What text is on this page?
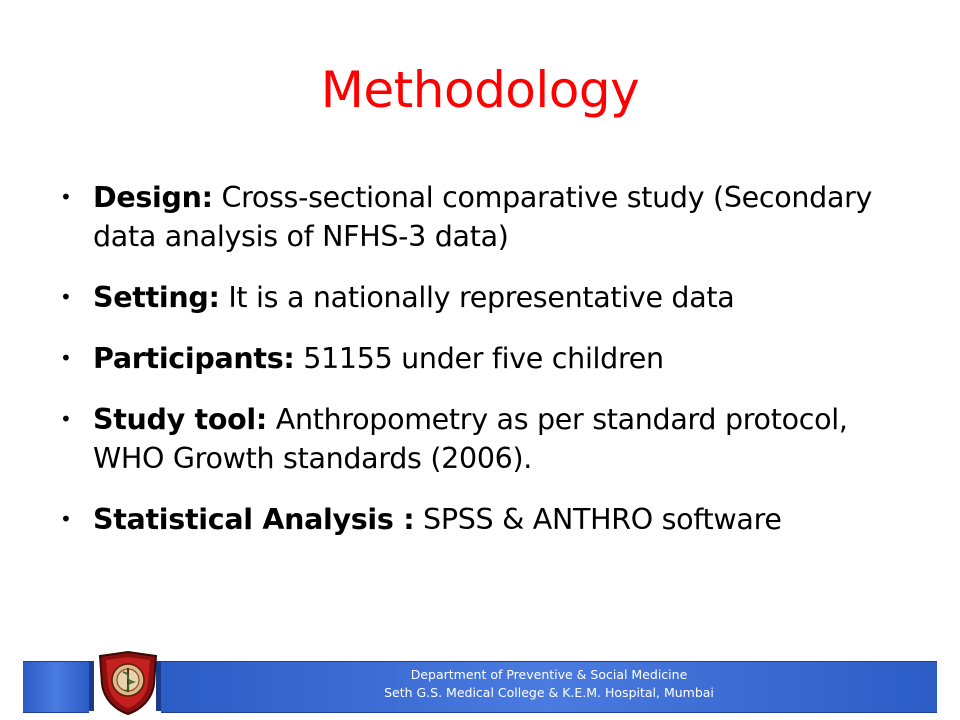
Methodology
• Design: Cross-sectional comparative study (Secondary data analysis of NFHS-3 data)
• Setting: It is a nationally representative data
• Participants: 51155 under five children
• Study tool: Anthropometry as per standard protocol, WHO Growth standards (2006).
• Statistical Analysis : SPSS & ANTHRO software
Department of Preventive & Social Medicine
Seth G.S. Medical College & K.E.M. Hospital, Mumbai
